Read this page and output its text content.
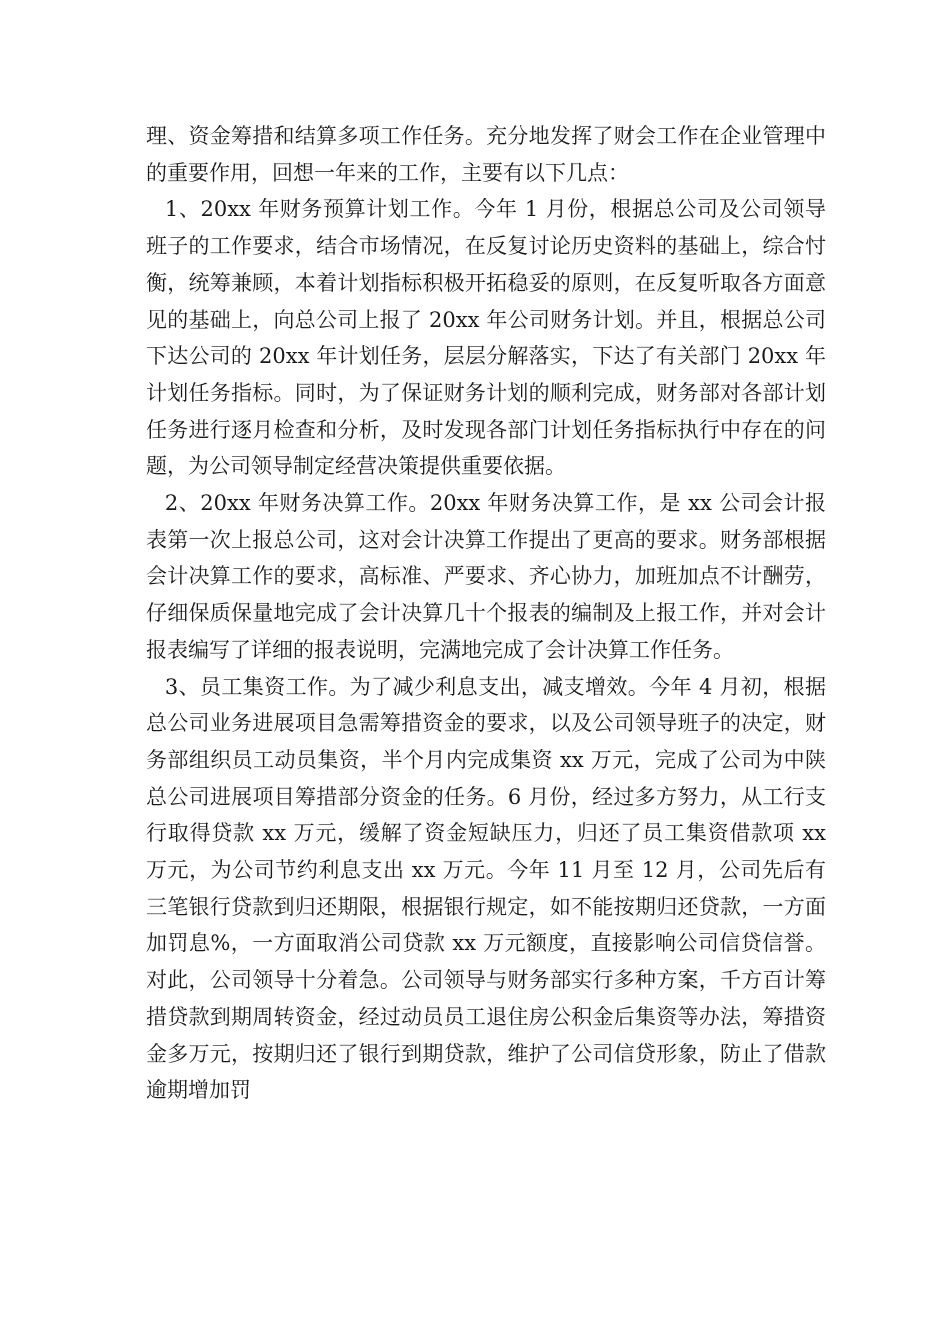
理、资金筹措和结算多项工作任务。充分地发挥了财会工作在企业管理中的重要作用，回想一年来的工作，主要有以下几点：

1、20xx 年财务预算计划工作。今年 1 月份，根据总公司及公司领导班子的工作要求，结合市场情况，在反复讨论历史资料的基础上，综合忖衡，统筹兼顾，本着计划指标积极开拓稳妥的原则，在反复听取各方面意见的基础上，向总公司上报了 20xx 年公司财务计划。并且，根据总公司下达公司的 20xx 年计划任务，层层分解落实，下达了有关部门 20xx 年计划任务指标。同时，为了保证财务计划的顺利完成，财务部对各部计划任务进行逐月检查和分析，及时发现各部门计划任务指标执行中存在的问题，为公司领导制定经营决策提供重要依据。

2、20xx 年财务决算工作。20xx 年财务决算工作，是 xx 公司会计报表第一次上报总公司，这对会计决算工作提出了更高的要求。财务部根据会计决算工作的要求，高标准、严要求、齐心协力，加班加点不计酬劳，仔细保质保量地完成了会计决算几十个报表的编制及上报工作，并对会计报表编写了详细的报表说明，完满地完成了会计决算工作任务。

3、员工集资工作。为了减少利息支出，减支增效。今年 4 月初，根据总公司业务进展项目急需筹措资金的要求，以及公司领导班子的决定，财务部组织员工动员集资，半个月内完成集资 xx 万元，完成了公司为中陕总公司进展项目筹措部分资金的任务。6 月份，经过多方努力，从工行支行取得贷款 xx 万元，缓解了资金短缺压力，归还了员工集资借款项 xx 万元，为公司节约利息支出 xx 万元。今年 11 月至 12 月，公司先后有三笔银行贷款到归还期限，根据银行规定，如不能按期归还贷款，一方面加罚息%，一方面取消公司贷款 xx 万元额度，直接影响公司信贷信誉。对此，公司领导十分着急。公司领导与财务部实行多种方案，千方百计筹措贷款到期周转资金，经过动员员工退住房公积金后集资等办法，筹措资金多万元，按期归还了银行到期贷款，维护了公司信贷形象，防止了借款逾期增加罚
